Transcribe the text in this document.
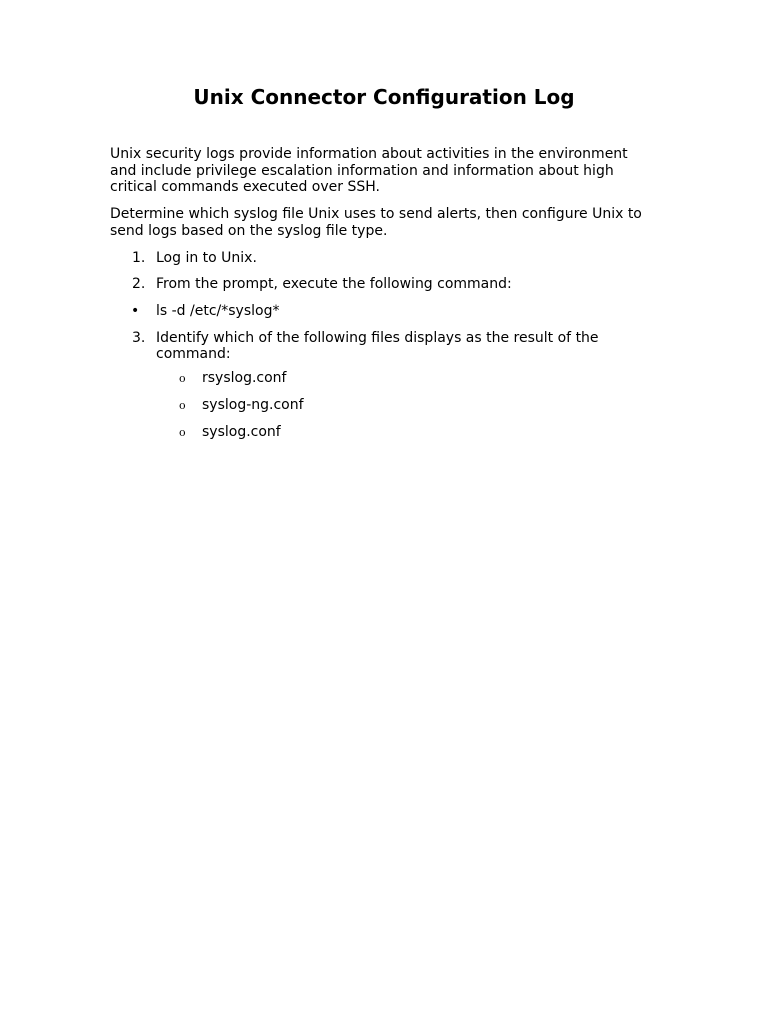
Unix Connector Configuration Log

Unix security logs provide information about activities in the environment and include privilege escalation information and information about high critical commands executed over SSH.

Determine which syslog file Unix uses to send alerts, then configure Unix to send logs based on the syslog file type.

1. Log in to Unix.
2. From the prompt, execute the following command:
• ls -d /etc/*syslog*
3. Identify which of the following files displays as the result of the command:
o rsyslog.conf
o syslog-ng.conf
o syslog.conf
